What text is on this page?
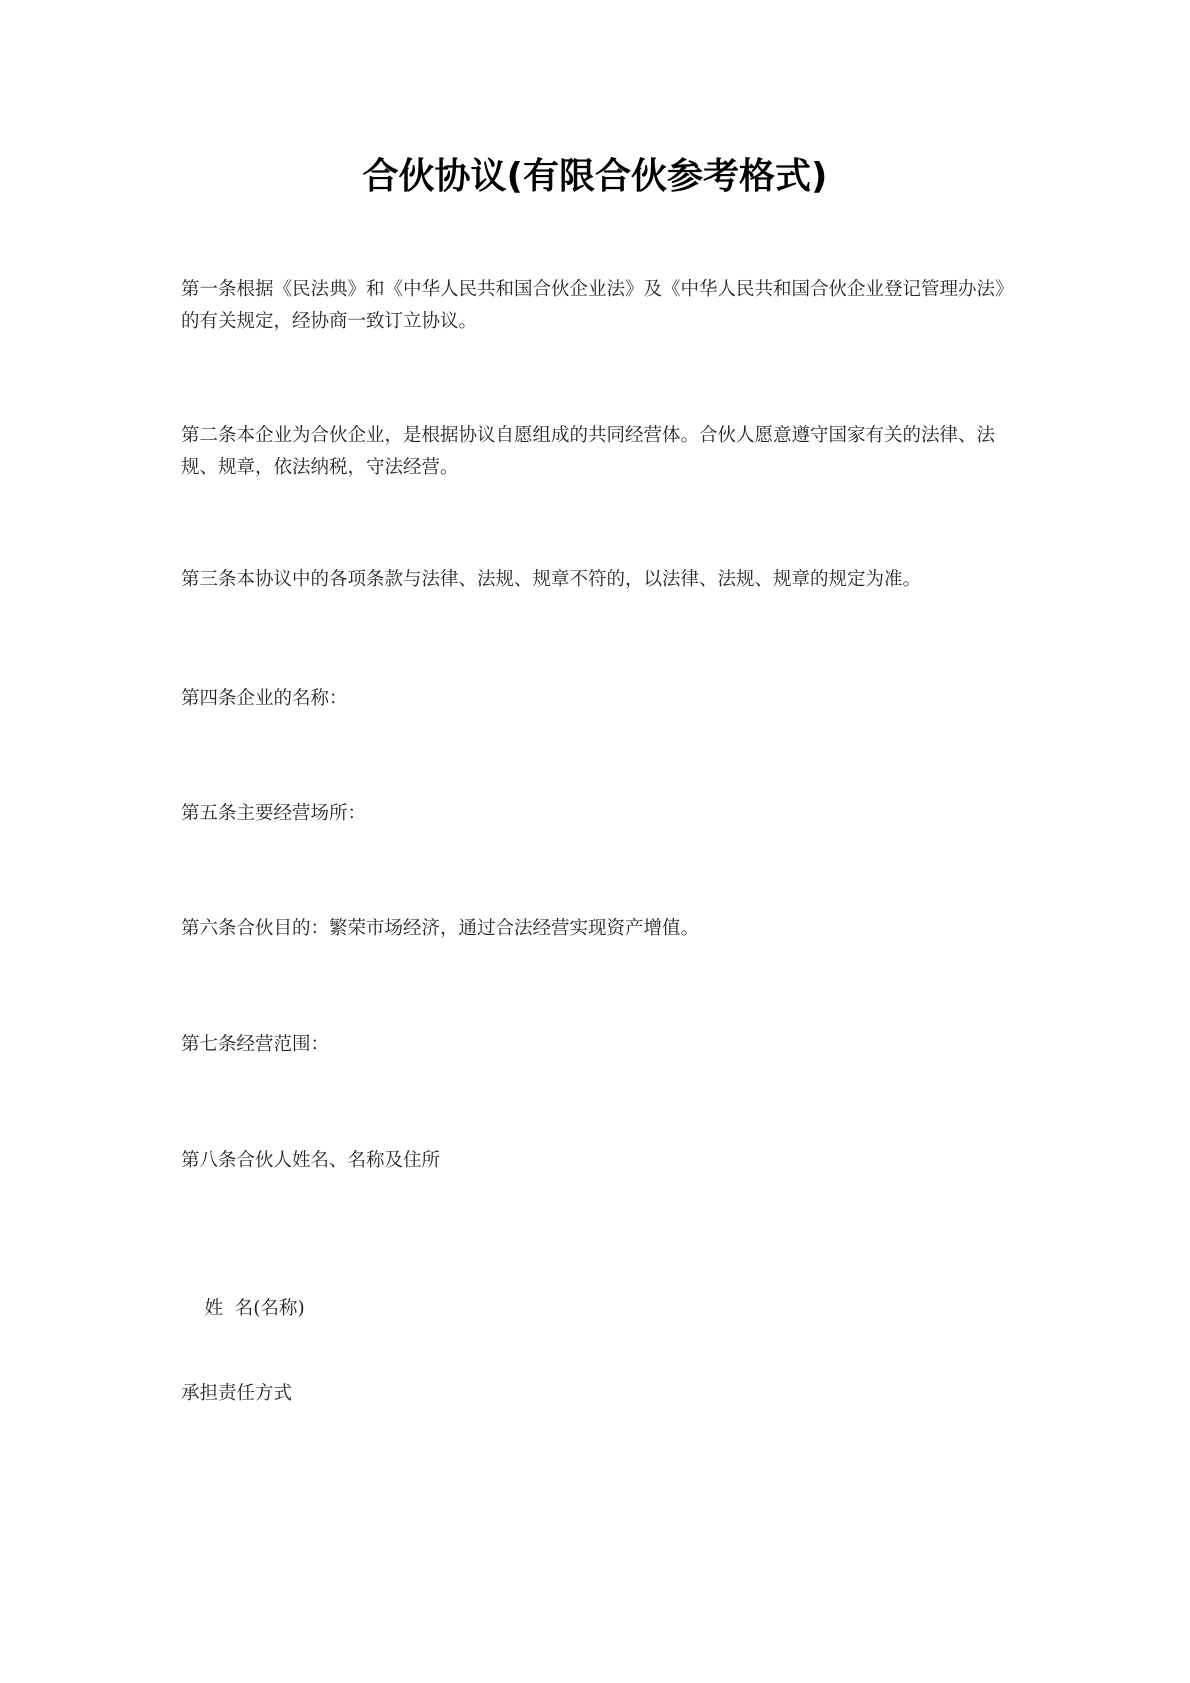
合伙协议(有限合伙参考格式)

第一条根据《民法典》和《中华人民共和国合伙企业法》及《中华人民共和国合伙企业登记管理办法》的有关规定，经协商一致订立协议。

第二条本企业为合伙企业，是根据协议自愿组成的共同经营体。合伙人愿意遵守国家有关的法律、法规、规章，依法纳税，守法经营。

第三条本协议中的各项条款与法律、法规、规章不符的，以法律、法规、规章的规定为准。

第四条企业的名称：

第五条主要经营场所：

第六条合伙目的：繁荣市场经济，通过合法经营实现资产增值。

第七条经营范围：

第八条合伙人姓名、名称及住所

姓  名(名称)

承担责任方式
